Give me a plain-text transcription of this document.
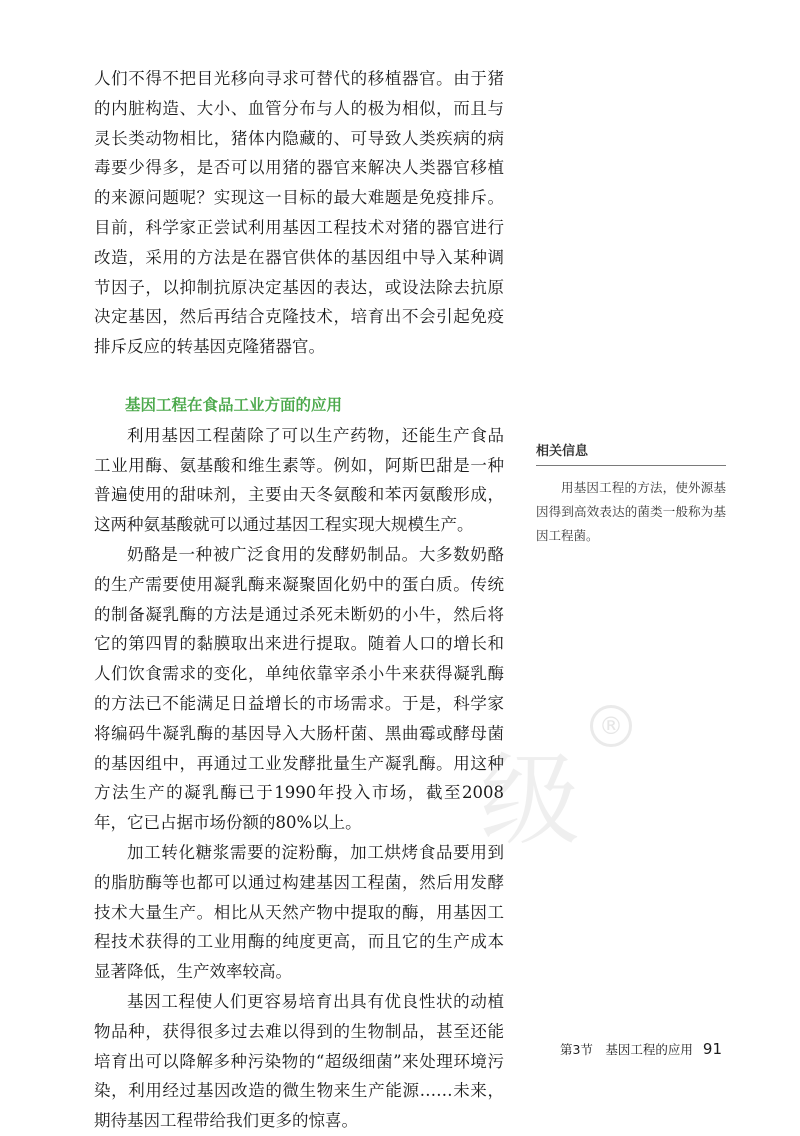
级
®

人们不得不把目光移向寻求可替代的移植器官。由于猪的内脏构造、大小、血管分布与人的极为相似，而且与灵长类动物相比，猪体内隐藏的、可导致人类疾病的病毒要少得多，是否可以用猪的器官来解决人类器官移植的来源问题呢？实现这一目标的最大难题是免疫排斥。目前，科学家正尝试利用基因工程技术对猪的器官进行改造，采用的方法是在器官供体的基因组中导入某种调节因子，以抑制抗原决定基因的表达，或设法除去抗原决定基因，然后再结合克隆技术，培育出不会引起免疫排斥反应的转基因克隆猪器官。

基因工程在食品工业方面的应用

利用基因工程菌除了可以生产药物，还能生产食品工业用酶、氨基酸和维生素等。例如，阿斯巴甜是一种普遍使用的甜味剂，主要由天冬氨酸和苯丙氨酸形成，这两种氨基酸就可以通过基因工程实现大规模生产。

奶酪是一种被广泛食用的发酵奶制品。大多数奶酪的生产需要使用凝乳酶来凝聚固化奶中的蛋白质。传统的制备凝乳酶的方法是通过杀死未断奶的小牛，然后将它的第四胃的黏膜取出来进行提取。随着人口的增长和人们饮食需求的变化，单纯依靠宰杀小牛来获得凝乳酶的方法已不能满足日益增长的市场需求。于是，科学家将编码牛凝乳酶的基因导入大肠杆菌、黑曲霉或酵母菌的基因组中，再通过工业发酵批量生产凝乳酶。用这种方法生产的凝乳酶已于1990年投入市场，截至2008年，它已占据市场份额的80%以上。

加工转化糖浆需要的淀粉酶，加工烘烤食品要用到的脂肪酶等也都可以通过构建基因工程菌，然后用发酵技术大量生产。相比从天然产物中提取的酶，用基因工程技术获得的工业用酶的纯度更高，而且它的生产成本显著降低，生产效率较高。

基因工程使人们更容易培育出具有优良性状的动植物品种，获得很多过去难以得到的生物制品，甚至还能培育出可以降解多种污染物的“超级细菌”来处理环境污染，利用经过基因改造的微生物来生产能源……未来，期待基因工程带给我们更多的惊喜。

相关信息

用基因工程的方法，使外源基因得到高效表达的菌类一般称为基因工程菌。

第3节　基因工程的应用 91
